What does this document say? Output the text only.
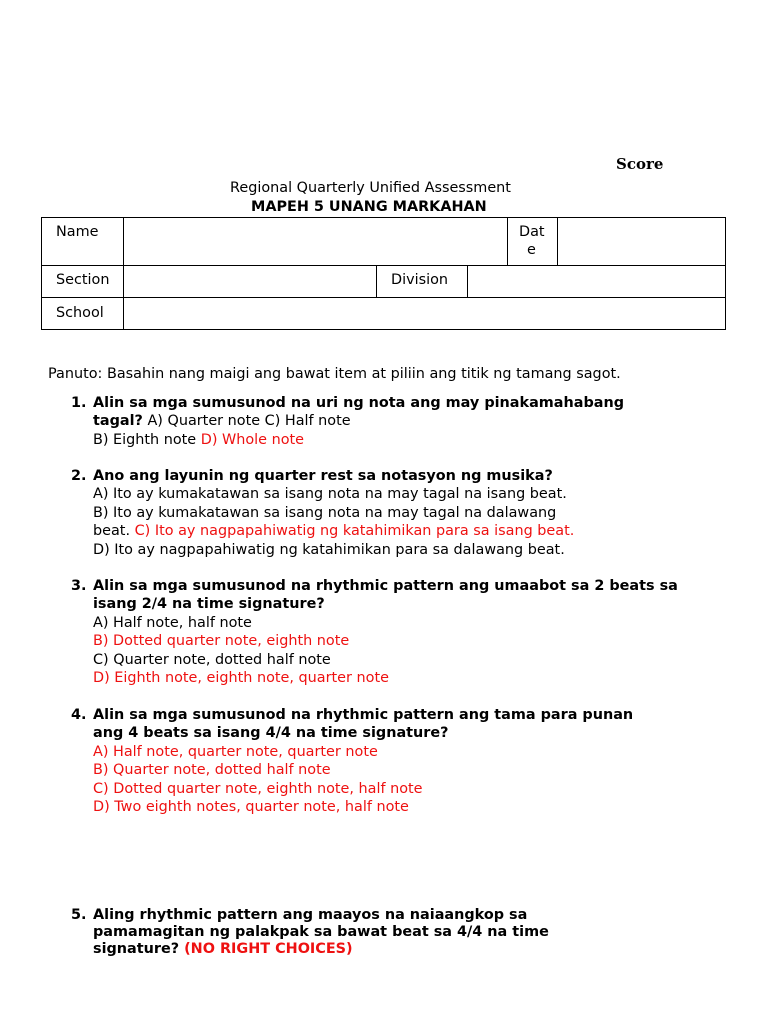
Score
Regional Quarterly Unified Assessment
MAPEH 5 UNANG MARKAHAN
Name	Dat
e
Section	Division
School
Panuto: Basahin nang maigi ang bawat item at piliin ang titik ng tamang sagot.
1. Alin sa mga sumusunod na uri ng nota ang may pinakamahabang
tagal? A) Quarter note C) Half note
B) Eighth note D) Whole note
2. Ano ang layunin ng quarter rest sa notasyon ng musika?
A) Ito ay kumakatawan sa isang nota na may tagal na isang beat.
B) Ito ay kumakatawan sa isang nota na may tagal na dalawang
beat. C) Ito ay nagpapahiwatig ng katahimikan para sa isang beat.
D) Ito ay nagpapahiwatig ng katahimikan para sa dalawang beat.
3. Alin sa mga sumusunod na rhythmic pattern ang umaabot sa 2 beats sa
isang 2/4 na time signature?
A) Half note, half note
B) Dotted quarter note, eighth note
C) Quarter note, dotted half note
D) Eighth note, eighth note, quarter note
4. Alin sa mga sumusunod na rhythmic pattern ang tama para punan
ang 4 beats sa isang 4/4 na time signature?
A) Half note, quarter note, quarter note
B) Quarter note, dotted half note
C) Dotted quarter note, eighth note, half note
D) Two eighth notes, quarter note, half note
5. Aling rhythmic pattern ang maayos na naiaangkop sa
pamamagitan ng palakpak sa bawat beat sa 4/4 na time
signature? (NO RIGHT CHOICES)
